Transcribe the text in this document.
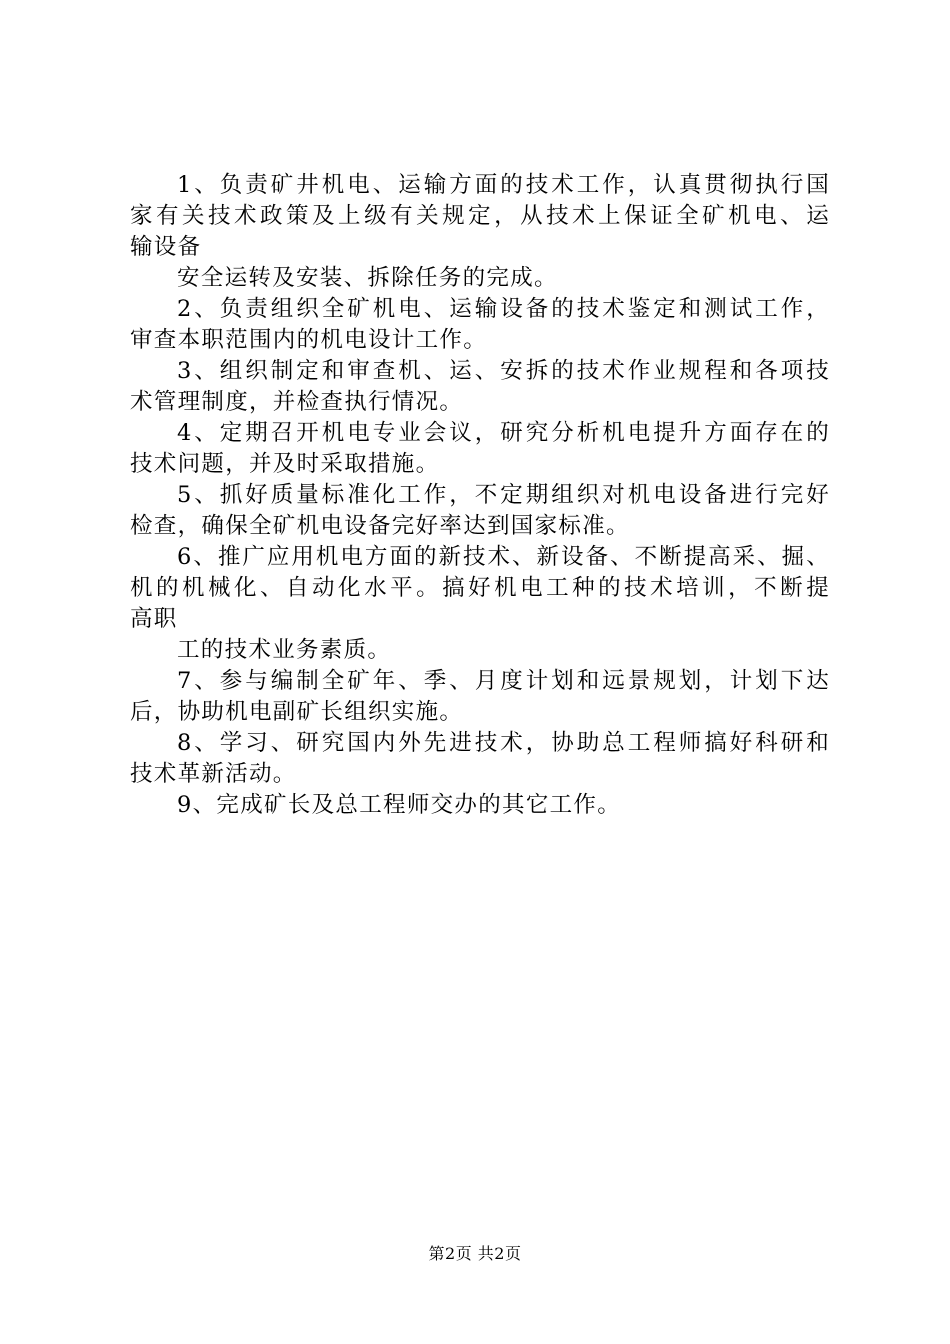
1、负责矿井机电、运输方面的技术工作，认真贯彻执行国
家有关技术政策及上级有关规定，从技术上保证全矿机电、运
输设备
安全运转及安装、拆除任务的完成。
2、负责组织全矿机电、运输设备的技术鉴定和测试工作，
审查本职范围内的机电设计工作。
3、组织制定和审查机、运、安拆的技术作业规程和各项技
术管理制度，并检查执行情况。
4、定期召开机电专业会议，研究分析机电提升方面存在的
技术问题，并及时采取措施。
5、抓好质量标准化工作，不定期组织对机电设备进行完好
检查，确保全矿机电设备完好率达到国家标准。
6、推广应用机电方面的新技术、新设备、不断提高采、掘、
机的机械化、自动化水平。搞好机电工种的技术培训，不断提
高职
工的技术业务素质。
7、参与编制全矿年、季、月度计划和远景规划，计划下达
后，协助机电副矿长组织实施。
8、学习、研究国内外先进技术，协助总工程师搞好科研和
技术革新活动。
9、完成矿长及总工程师交办的其它工作。
第2页 共2页
